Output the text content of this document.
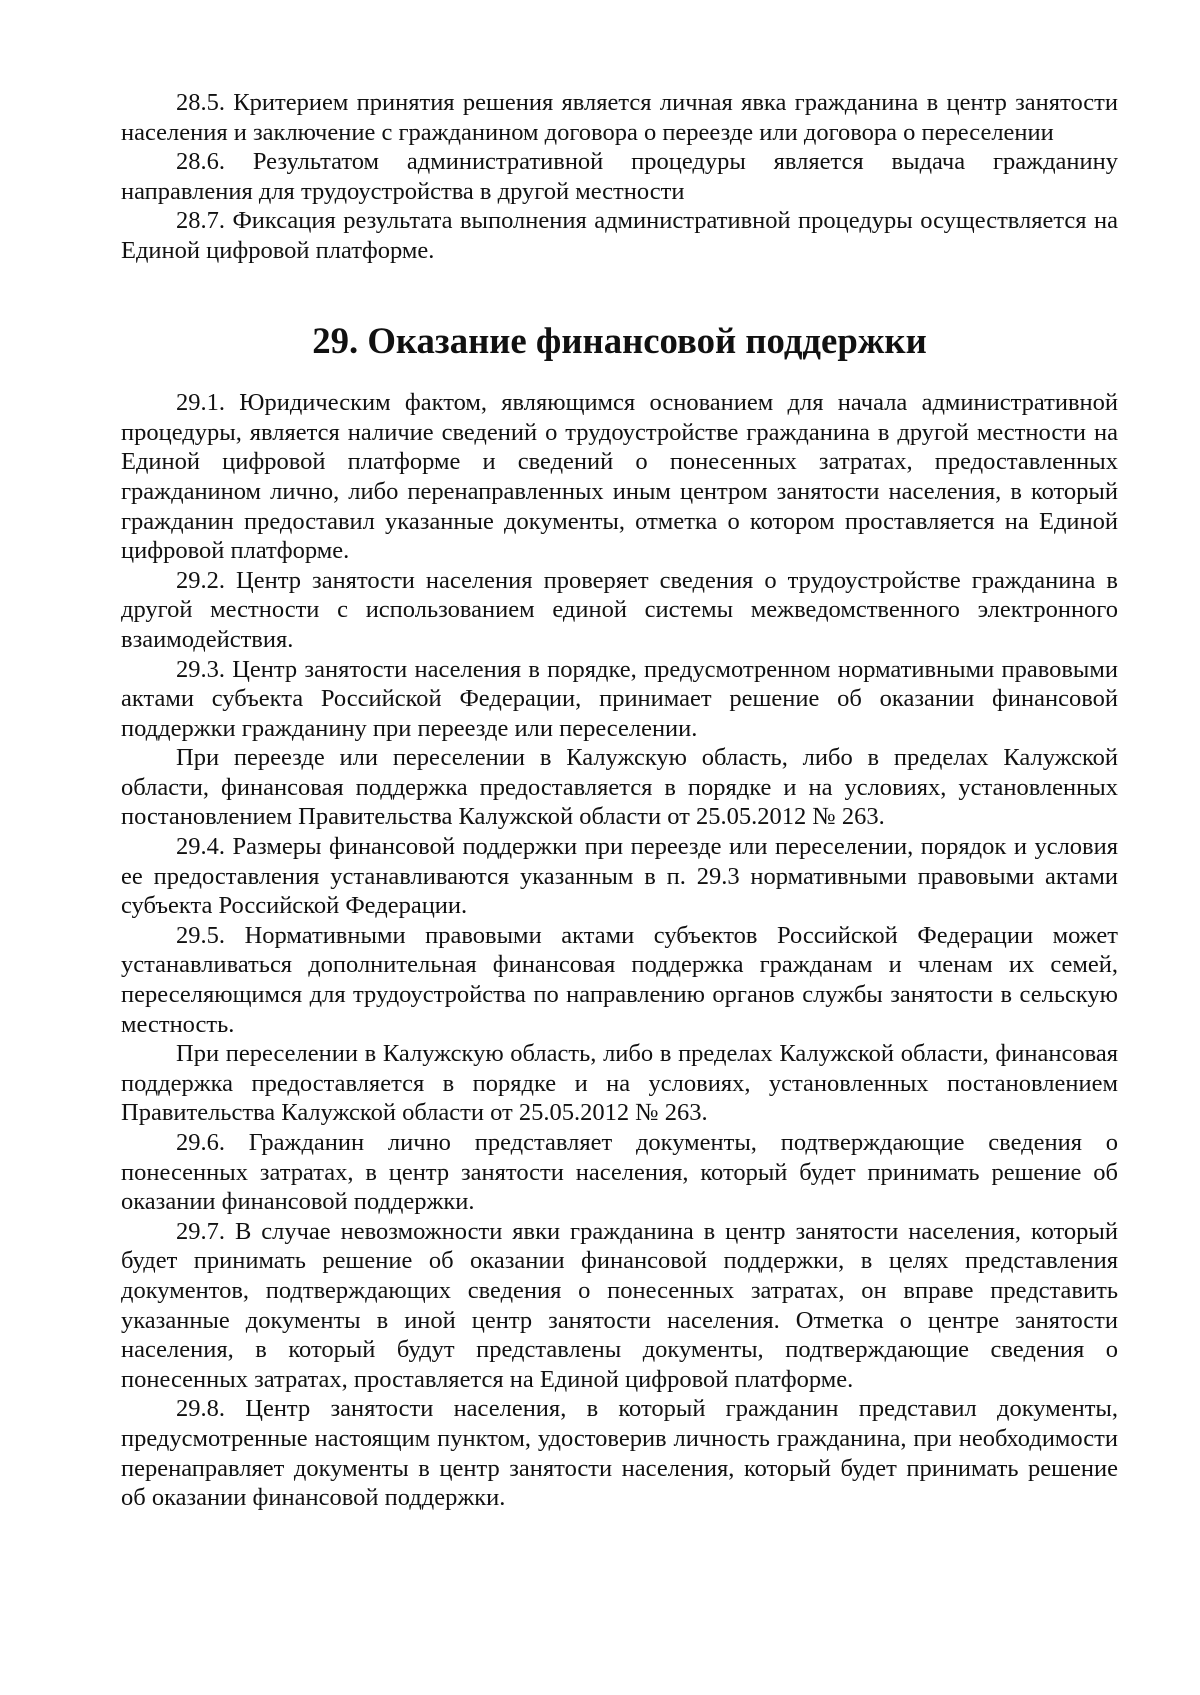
28.5. Критерием принятия решения является личная явка гражданина в центр занятости населения и заключение с гражданином договора о переезде или договора о переселении

28.6. Результатом административной процедуры является выдача гражданину направления для трудоустройства в другой местности

28.7. Фиксация результата выполнения административной процедуры осуществляется на Единой цифровой платформе.

29. Оказание финансовой поддержки

29.1. Юридическим фактом, являющимся основанием для начала административной процедуры, является наличие сведений о трудоустройстве гражданина в другой местности на Единой цифровой платформе и сведений о понесенных затратах, предоставленных гражданином лично, либо перенаправленных иным центром занятости населения, в который гражданин предоставил указанные документы, отметка о котором проставляется на Единой цифровой платформе.

29.2. Центр занятости населения проверяет сведения о трудоустройстве гражданина в другой местности с использованием единой системы межведомственного электронного взаимодействия.

29.3. Центр занятости населения в порядке, предусмотренном нормативными правовыми актами субъекта Российской Федерации, принимает решение об оказании финансовой поддержки гражданину при переезде или переселении.

При переезде или переселении в Калужскую область, либо в пределах Калужской области, финансовая поддержка предоставляется в порядке и на условиях, установленных постановлением Правительства Калужской области от 25.05.2012 № 263.

29.4. Размеры финансовой поддержки при переезде или переселении, порядок и условия ее предоставления устанавливаются указанным в п. 29.3 нормативными правовыми актами субъекта Российской Федерации.

29.5. Нормативными правовыми актами субъектов Российской Федерации может устанавливаться дополнительная финансовая поддержка гражданам и членам их семей, переселяющимся для трудоустройства по направлению органов службы занятости в сельскую местность.

При переселении в Калужскую область, либо в пределах Калужской области, финансовая поддержка предоставляется в порядке и на условиях, установленных постановлением Правительства Калужской области от 25.05.2012 № 263.

29.6. Гражданин лично представляет документы, подтверждающие сведения о понесенных затратах, в центр занятости населения, который будет принимать решение об оказании финансовой поддержки.

29.7. В случае невозможности явки гражданина в центр занятости населения, который будет принимать решение об оказании финансовой поддержки, в целях представления документов, подтверждающих сведения о понесенных затратах, он вправе представить указанные документы в иной центр занятости населения. Отметка о центре занятости населения, в который будут представлены документы, подтверждающие сведения о понесенных затратах, проставляется на Единой цифровой платформе.

29.8. Центр занятости населения, в который гражданин представил документы, предусмотренные настоящим пунктом, удостоверив личность гражданина, при необходимости перенаправляет документы в центр занятости населения, который будет принимать решение об оказании финансовой поддержки.
